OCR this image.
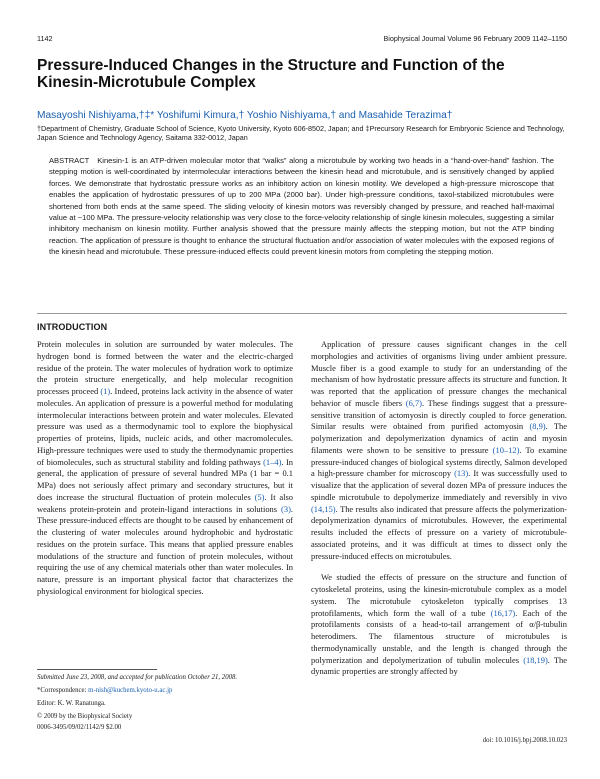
1142	Biophysical Journal Volume 96 February 2009 1142–1150
Pressure-Induced Changes in the Structure and Function of the Kinesin-Microtubule Complex
Masayoshi Nishiyama,†‡* Yoshifumi Kimura,† Yoshio Nishiyama,† and Masahide Terazima†
†Department of Chemistry, Graduate School of Science, Kyoto University, Kyoto 606-8502, Japan; and ‡Precursory Research for Embryonic Science and Technology, Japan Science and Technology Agency, Saitama 332-0012, Japan
ABSTRACT Kinesin-1 is an ATP-driven molecular motor that “walks” along a microtubule by working two heads in a “hand-over-hand” fashion. The stepping motion is well-coordinated by intermolecular interactions between the kinesin head and microtubule, and is sensitively changed by applied forces. We demonstrate that hydrostatic pressure works as an inhibitory action on kinesin motility. We developed a high-pressure microscope that enables the application of hydrostatic pressures of up to 200 MPa (2000 bar). Under high-pressure conditions, taxol-stabilized microtubules were shortened from both ends at the same speed. The sliding velocity of kinesin motors was reversibly changed by pressure, and reached half-maximal value at ~100 MPa. The pressure-velocity relationship was very close to the force-velocity relationship of single kinesin molecules, suggesting a similar inhibitory mechanism on kinesin motility. Further analysis showed that the pressure mainly affects the stepping motion, but not the ATP binding reaction. The application of pressure is thought to enhance the structural fluctuation and/or association of water molecules with the exposed regions of the kinesin head and microtubule. These pressure-induced effects could prevent kinesin motors from completing the stepping motion.
INTRODUCTION

Protein molecules in solution are surrounded by water molecules. The hydrogen bond is formed between the water and the electric-charged residue of the protein. The water molecules of hydration work to optimize the protein structure energetically, and help molecular recognition processes proceed (1). Indeed, proteins lack activity in the absence of water molecules. An application of pressure is a powerful method for modulating intermolecular interactions between protein and water molecules. Elevated pressure was used as a thermodynamic tool to explore the biophysical properties of proteins, lipids, nucleic acids, and other macromolecules. High-pressure techniques were used to study the thermodynamic properties of biomolecules, such as structural stability and folding pathways (1–4). In general, the application of pressure of several hundred MPa (1 bar = 0.1 MPa) does not seriously affect primary and secondary structures, but it does increase the structural fluctuation of protein molecules (5). It also weakens protein-protein and protein-ligand interactions in solutions (3). These pressure-induced effects are thought to be caused by enhancement of the clustering of water molecules around hydrophobic and hydrostatic residues on the protein surface. This means that applied pressure enables modulations of the structure and function of protein molecules, without requiring the use of any chemical materials other than water molecules. In nature, pressure is an important physical factor that characterizes the physiological environment for biological species.

Application of pressure causes significant changes in the cell morphologies and activities of organisms living under ambient pressure. Muscle fiber is a good example to study for an understanding of the mechanism of how hydrostatic pressure affects its structure and function. It was reported that the application of pressure changes the mechanical behavior of muscle fibers (6,7). These findings suggest that a pressure-sensitive transition of actomyosin is directly coupled to force generation. Similar results were obtained from purified actomyosin (8,9). The polymerization and depolymerization dynamics of actin and myosin filaments were shown to be sensitive to pressure (10–12). To examine pressure-induced changes of biological systems directly, Salmon developed a high-pressure chamber for microscopy (13). It was successfully used to visualize that the application of several dozen MPa of pressure induces the spindle microtubule to depolymerize immediately and reversibly in vivo (14,15). The results also indicated that pressure affects the polymerization-depolymerization dynamics of microtubules. However, the experimental results included the effects of pressure on a variety of microtubule-associated proteins, and it was difficult at times to dissect only the pressure-induced effects on microtubules.

We studied the effects of pressure on the structure and function of cytoskeletal proteins, using the kinesin-microtubule complex as a model system. The microtubule cytoskeleton typically comprises 13 protofilaments, which form the wall of a tube (16,17). Each of the protofilaments consists of a head-to-tail arrangement of α/β-tubulin heterodimers. The filamentous structure of microtubules is thermodynamically unstable, and the length is changed through the polymerization and depolymerization of tubulin molecules (18,19). The dynamic properties are strongly affected by

Submitted June 23, 2008, and accepted for publication October 21, 2008.
*Correspondence: m-nish@kuchem.kyoto-u.ac.jp
Editor: K. W. Ranatunga.
© 2009 by the Biophysical Society
0006-3495/09/02/1142/9 $2.00
doi: 10.1016/j.bpj.2008.10.023
